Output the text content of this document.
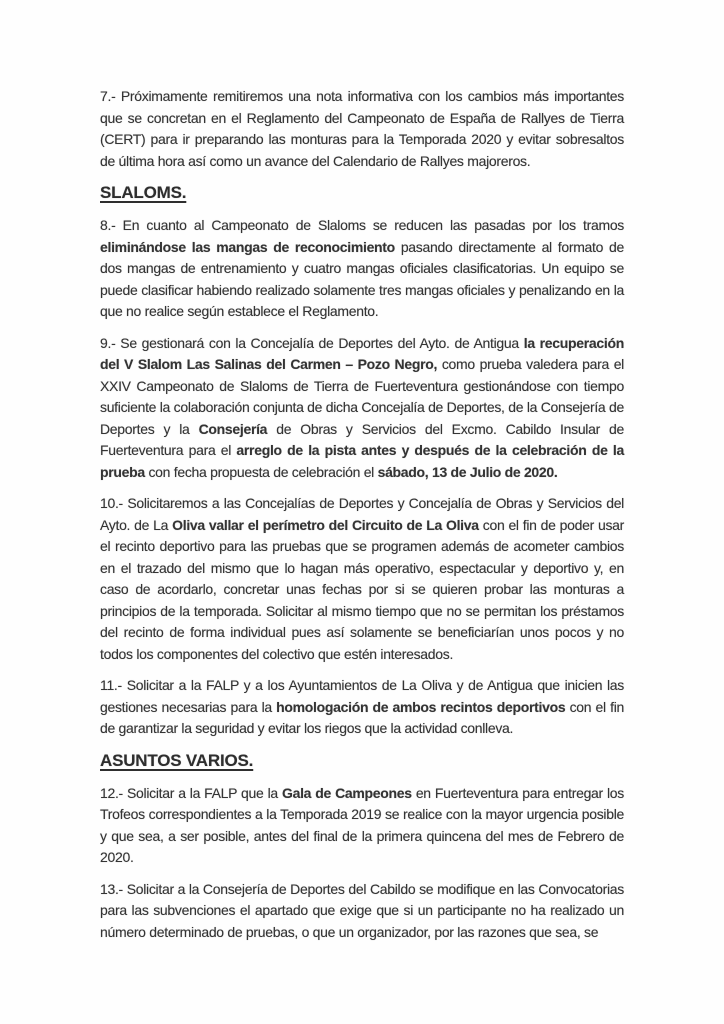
7.- Próximamente remitiremos una nota informativa con los cambios más importantes que se concretan en el Reglamento del Campeonato de España de Rallyes de Tierra (CERT) para ir preparando las monturas para la Temporada 2020 y evitar sobresaltos de última hora así como un avance del Calendario de Rallyes majoreros.

SLALOMS.

8.- En cuanto al Campeonato de Slaloms se reducen las pasadas por los tramos eliminándose las mangas de reconocimiento pasando directamente al formato de dos mangas de entrenamiento y cuatro mangas oficiales clasificatorias. Un equipo se puede clasificar habiendo realizado solamente tres mangas oficiales y penalizando en la que no realice según establece el Reglamento.

9.- Se gestionará con la Concejalía de Deportes del Ayto. de Antigua la recuperación del V Slalom Las Salinas del Carmen – Pozo Negro, como prueba valedera para el XXIV Campeonato de Slaloms de Tierra de Fuerteventura gestionándose con tiempo suficiente la colaboración conjunta de dicha Concejalía de Deportes, de la Consejería de Deportes y la Consejería de Obras y Servicios del Excmo. Cabildo Insular de Fuerteventura para el arreglo de la pista antes y después de la celebración de la prueba con fecha propuesta de celebración el sábado, 13 de Julio de 2020.

10.- Solicitaremos a las Concejalías de Deportes y Concejalía de Obras y Servicios del Ayto. de La Oliva vallar el perímetro del Circuito de La Oliva con el fin de poder usar el recinto deportivo para las pruebas que se programen además de acometer cambios en el trazado del mismo que lo hagan más operativo, espectacular y deportivo y, en caso de acordarlo, concretar unas fechas por si se quieren probar las monturas a principios de la temporada. Solicitar al mismo tiempo que no se permitan los préstamos del recinto de forma individual pues así solamente se beneficiarían unos pocos y no todos los componentes del colectivo que estén interesados.

11.- Solicitar a la FALP y a los Ayuntamientos de La Oliva y de Antigua que inicien las gestiones necesarias para la homologación de ambos recintos deportivos con el fin de garantizar la seguridad y evitar los riegos que la actividad conlleva.

ASUNTOS VARIOS.

12.- Solicitar a la FALP que la Gala de Campeones en Fuerteventura para entregar los Trofeos correspondientes a la Temporada 2019 se realice con la mayor urgencia posible y que sea, a ser posible, antes del final de la primera quincena del mes de Febrero de 2020.

13.- Solicitar a la Consejería de Deportes del Cabildo se modifique en las Convocatorias para las subvenciones el apartado que exige que si un participante no ha realizado un número determinado de pruebas, o que un organizador, por las razones que sea, se
